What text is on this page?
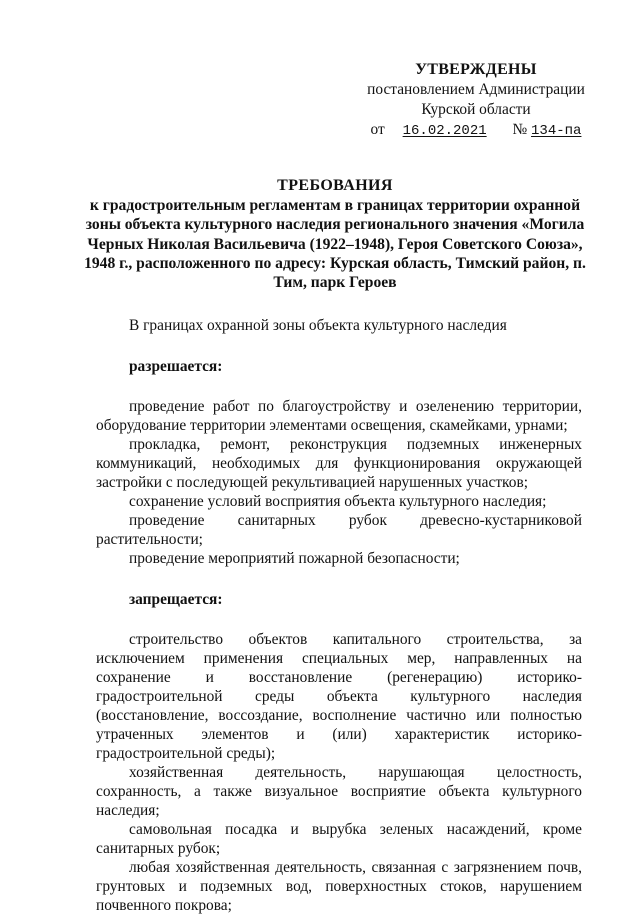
УТВЕРЖДЕНЫ
постановлением Администрации
Курской области
от 16.02.2021 № 134-па
ТРЕБОВАНИЯ
к градостроительным регламентам в границах территории охранной зоны объекта культурного наследия регионального значения «Могила Черных Николая Васильевича (1922–1948), Героя Советского Союза», 1948 г., расположенного по адресу: Курская область, Тимский район, п. Тим, парк Героев

В границах охранной зоны объекта культурного наследия

разрешается:

проведение работ по благоустройству и озеленению территории, оборудование территории элементами освещения, скамейками, урнами;

прокладка, ремонт, реконструкция подземных инженерных коммуникаций, необходимых для функционирования окружающей застройки с последующей рекультивацией нарушенных участков;

сохранение условий восприятия объекта культурного наследия;

проведение санитарных рубок древесно-кустарниковой растительности;

проведение мероприятий пожарной безопасности;

запрещается:

строительство объектов капитального строительства, за исключением применения специальных мер, направленных на сохранение и восстановление (регенерацию) историко-градостроительной среды объекта культурного наследия (восстановление, воссоздание, восполнение частично или полностью утраченных элементов и (или) характеристик историко-градостроительной среды);

хозяйственная деятельность, нарушающая целостность, сохранность, а также визуальное восприятие объекта культурного наследия;

самовольная посадка и вырубка зеленых насаждений, кроме санитарных рубок;

любая хозяйственная деятельность, связанная с загрязнением почв, грунтовых и подземных вод, поверхностных стоков, нарушением почвенного покрова;
